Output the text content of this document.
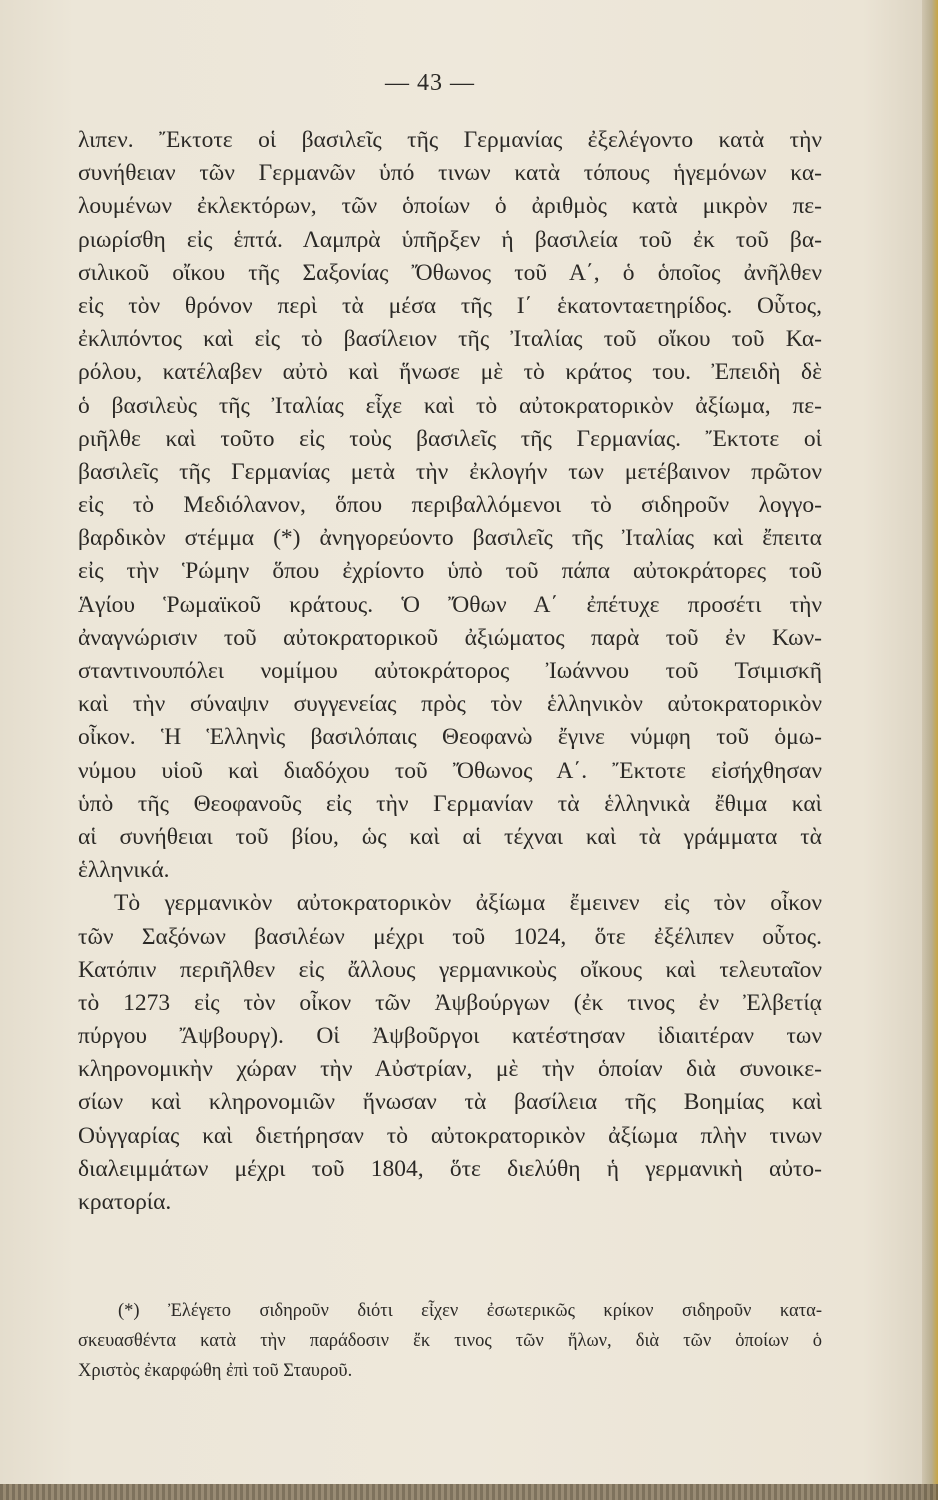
— 43 —
λιπεν. Ἔκτοτε οἱ βασιλεῖς τῆς Γερμανίας ἐξελέγοντο κατὰ τὴν
συνήθειαν τῶν Γερμανῶν ὑπό τινων κατὰ τόπους ἡγεμόνων κα-
λουμένων ἐκλεκτόρων, τῶν ὁποίων ὁ ἀριθμὸς κατὰ μικρὸν πε-
ριωρίσθη εἰς ἑπτά. Λαμπρὰ ὑπῆρξεν ἡ βασιλεία τοῦ ἐκ τοῦ βα-
σιλικοῦ οἴκου τῆς Σαξονίας Ὄθωνος τοῦ Α΄, ὁ ὁποῖος ἀνῆλθεν
εἰς τὸν θρόνον περὶ τὰ μέσα τῆς Ι΄ ἑκατονταετηρίδος. Οὗτος,
ἐκλιπόντος καὶ εἰς τὸ βασίλειον τῆς Ἰταλίας τοῦ οἴκου τοῦ Κα-
ρόλου, κατέλαβεν αὐτὸ καὶ ἥνωσε μὲ τὸ κράτος του. Ἐπειδὴ δὲ
ὁ βασιλεὺς τῆς Ἰταλίας εἶχε καὶ τὸ αὐτοκρατορικὸν ἀξίωμα, πε-
ριῆλθε καὶ τοῦτο εἰς τοὺς βασιλεῖς τῆς Γερμανίας. Ἔκτοτε οἱ
βασιλεῖς τῆς Γερμανίας μετὰ τὴν ἐκλογήν των μετέβαινον πρῶτον
εἰς τὸ Μεδιόλανον, ὅπου περιβαλλόμενοι τὸ σιδηροῦν λογγο-
βαρδικὸν στέμμα (*) ἀνηγορεύοντο βασιλεῖς τῆς Ἰταλίας καὶ ἔπειτα
εἰς τὴν Ῥώμην ὅπου ἐχρίοντο ὑπὸ τοῦ πάπα αὐτοκράτορες τοῦ
Ἁγίου Ῥωμαϊκοῦ κράτους. Ὁ Ὄθων Α΄ ἐπέτυχε προσέτι τὴν
ἀναγνώρισιν τοῦ αὐτοκρατορικοῦ ἀξιώματος παρὰ τοῦ ἐν Κων-
σταντινουπόλει νομίμου αὐτοκράτορος Ἰωάννου τοῦ Τσιμισκῆ
καὶ τὴν σύναψιν συγγενείας πρὸς τὸν ἑλληνικὸν αὐτοκρατορικὸν
οἶκον. Ἡ Ἑλληνὶς βασιλόπαις Θεοφανὼ ἔγινε νύμφη τοῦ ὁμω-
νύμου υἱοῦ καὶ διαδόχου τοῦ Ὄθωνος Α΄. Ἔκτοτε εἰσήχθησαν
ὑπὸ τῆς Θεοφανοῦς εἰς τὴν Γερμανίαν τὰ ἑλληνικὰ ἔθιμα καὶ
αἱ συνήθειαι τοῦ βίου, ὡς καὶ αἱ τέχναι καὶ τὰ γράμματα τὰ
ἑλληνικά.
Τὸ γερμανικὸν αὐτοκρατορικὸν ἀξίωμα ἔμεινεν εἰς τὸν οἶκον
τῶν Σαξόνων βασιλέων μέχρι τοῦ 1024, ὅτε ἐξέλιπεν οὗτος.
Κατόπιν περιῆλθεν εἰς ἄλλους γερμανικοὺς οἴκους καὶ τελευταῖον
τὸ 1273 εἰς τὸν οἶκον τῶν Ἀψβούργων (ἐκ τινος ἐν Ἐλβετίᾳ
πύργου Ἄψβουργ). Οἱ Ἀψβοῦργοι κατέστησαν ἰδιαιτέραν των
κληρονομικὴν χώραν τὴν Αὐστρίαν, μὲ τὴν ὁποίαν διὰ συνοικε-
σίων καὶ κληρονομιῶν ἥνωσαν τὰ βασίλεια τῆς Βοημίας καὶ
Οὑγγαρίας καὶ διετήρησαν τὸ αὐτοκρατορικὸν ἀξίωμα πλὴν τινων
διαλειμμάτων μέχρι τοῦ 1804, ὅτε διελύθη ἡ γερμανικὴ αὐτο-
κρατορία.
(*) Ἐλέγετο σιδηροῦν διότι εἶχεν ἐσωτερικῶς κρίκον σιδηροῦν κατα-
σκευασθέντα κατὰ τὴν παράδοσιν ἔκ τινος τῶν ἥλων, διὰ τῶν ὁποίων ὁ
Χριστὸς ἐκαρφώθη ἐπὶ τοῦ Σταυροῦ.
